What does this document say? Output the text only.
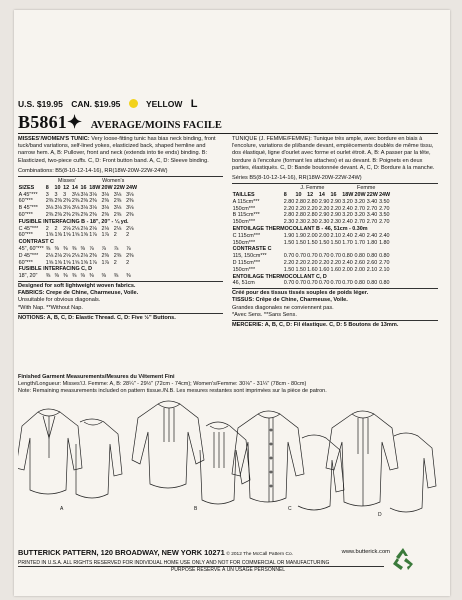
U.S. $19.95 CAN. $19.95	YELLOW L
B5861✦ AVERAGE/MOINS FACILE
MISSES'/WOMEN'S TUNIC: Very loose-fitting tunic has bias neck binding, front tuck/band variations, self-lined yokes, elasticized back, shaped hemline and narrow hem. A, B: Pullover, front and neck (extends into tie ends) binding. B: Elasticized, two-piece cuffs. C, D: Front button band. A, C, D: Sleeve binding.
Combinations: B5(8-10-12-14-16), RR(18W-20W-22W-24W)
	Misses'					Women's			
SIZES	8	10	12	14	16	18W	20W	22W	24W
A 45"***	3	3	3	3⅛	3⅛	3⅛	3⅛	3⅛	3⅛
60"***	2⅜	2⅜	2⅜	2⅜	2⅜	2⅜	2⅜	2⅜	2⅜
B 45"***	3⅛	3⅛	3⅛	3⅛	3⅛	3⅛	3⅛	3⅛	3⅛
60"***	2⅜	2⅜	2⅜	2⅜	2⅜	2⅜	2⅜	2⅜	2⅜
FUSIBLE INTERFACING B - 18", 20" - ¼ yd.									
C 45"***	2	2	2⅛	2⅛	2⅛	2⅛	2⅛	2⅛	2⅛
60"***	1⅝	1⅝	1⅝	1⅝	1⅝	1⅞	1⅞	2	2
CONTRAST C									
45", 60"***	⅜	⅜	⅜	⅜	⅜	⅞	⅞	⅞	⅞
D 45"***	2⅛	2⅛	2⅛	2⅛	2⅛	2⅜	2⅜	2⅜	2⅜
60"***	1⅝	1⅝	1⅝	1⅝	1⅝	1⅞	1⅞	2	2
FUSIBLE INTERFACING C, D									
18", 20"	⅜	⅜	⅜	⅜	⅜	⅜	⅜	⅜	⅜
Designed for soft lightweight woven fabrics.
FABRICS: Crepe de Chine, Charmeuse, Voile.
Unsuitable for obvious diagonals.
*With Nap. **Without Nap.
NOTIONS: A, B, C, D: Elastic Thread. C, D: Five ½" Buttons.
TUNIQUE (J. FEMME/FEMME): Tunique très ample, avec bordure en biais à l'encolure, variations de pli/bande devant, empiècements doublés de même tissu, dos élastiqué, ligne d'ourlet avec forme et ourlet étroit. A, B: A passer par la tête, bordure à l'encolure (formant les attaches) et au devant. B: Poignets en deux parties, élastiqués. C, D: Bande boutonnée devant. A, C, D: Bordure à la manche.
Séries B5(8-10-12-14-16), RR(18W-20W-22W-24W)
	J. Femme					Femme			
TAILLES	8	10	12	14	16	18W	20W	22W	24W
A 115cm***	2.80	2.80	2.80	2.90	2.90	3.20	3.20	3.40	3.50
150cm***	2.20	2.20	2.20	2.20	2.20	2.40	2.70	2.70	2.70
B 115cm***	2.80	2.80	2.80	2.90	2.90	3.20	3.20	3.40	3.50
150cm***	2.30	2.30	2.30	2.30	2.30	2.40	2.70	2.70	2.70
ENTOILAGE THERMOCOLLANT B - 46, 51cm - 0.30m									
C 115cm***	1.90	1.90	2.00	2.00	2.10	2.40	2.40	2.40	2.40
150cm***	1.50	1.50	1.50	1.50	1.50	1.70	1.70	1.80	1.80
CONTRASTE C									
115, 150cm***	0.70	0.70	0.70	0.70	0.70	0.80	0.80	0.80	0.80
D 115cm***	2.20	2.20	2.20	2.20	2.20	2.40	2.60	2.60	2.70
150cm***	1.50	1.50	1.60	1.60	1.60	2.00	2.00	2.10	2.10
ENTOILAGE THERMOCOLLANT C, D									
46, 51cm	0.70	0.70	0.70	0.70	0.70	0.70	0.80	0.80	0.80
Créé pour des tissus tissés souples de poids léger.
TISSUS: Crêpe de Chine, Charmeuse, Voile.
Grandes diagonales ne conviennent pas.
*Avec Sens. **Sans Sens.
MERCERIE: A, B, C, D: Fil élastique. C, D: 5 Boutons de 13mm.
Finished Garment Measurements/Mesures du Vêtement Fini
Length/Longueur: Misses'/J. Femme: A, B: 28¼" - 29½" (72cm - 74cm); Women's/Femme: 30⅛" - 31¼" (78cm - 80cm)
Note: Remaining measurements included on pattern tissue./N.B. Les mesures restantes sont imprimées sur la pièce de patron.
A	B	C
D
BUTTERICK PATTERN, 120 BROADWAY, NEW YORK 10271 © 2012 The McCall Pattern Co.	www.butterick.com
PRINTED IN U.S.A. ALL RIGHTS RESERVED FOR INDIVIDUAL HOME USE ONLY AND NOT FOR COMMERCIAL OR MANUFACTURING
PURPOSE RESERVE À UN USAGE PERSONNEL
